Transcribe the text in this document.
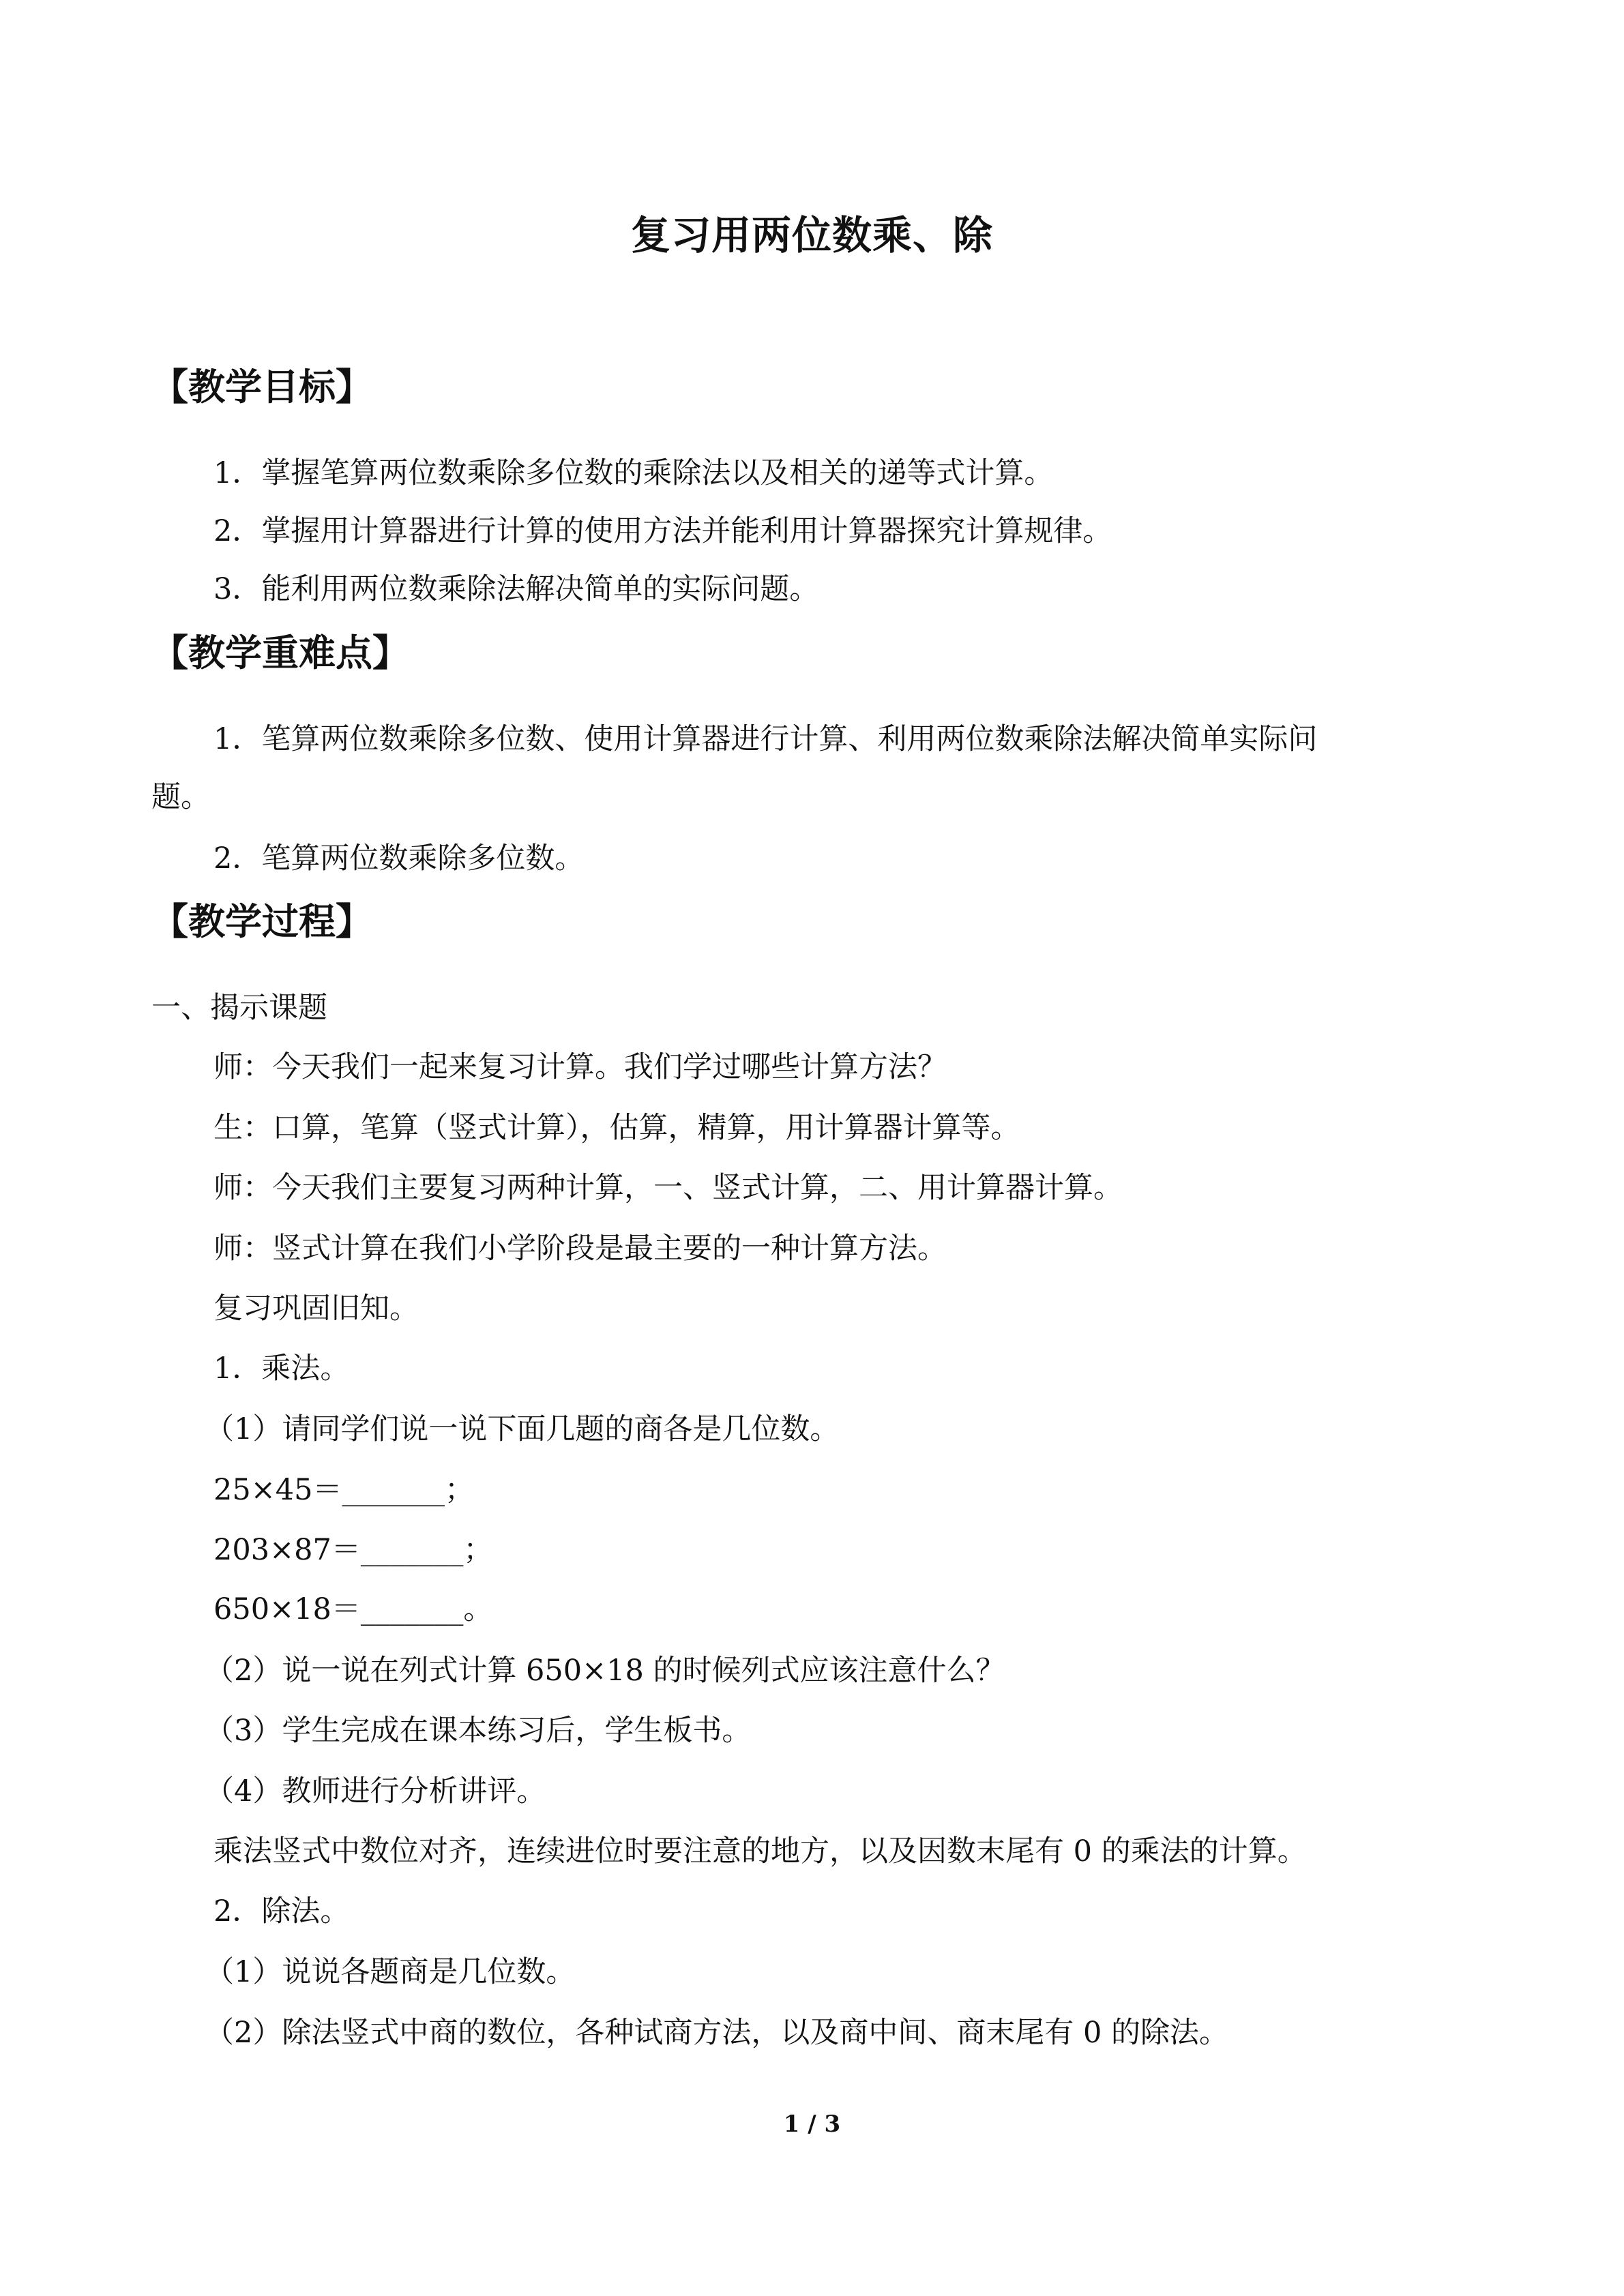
复习用两位数乘、除
【教学目标】
1．掌握笔算两位数乘除多位数的乘除法以及相关的递等式计算。
2．掌握用计算器进行计算的使用方法并能利用计算器探究计算规律。
3．能利用两位数乘除法解决简单的实际问题。
【教学重难点】
1．笔算两位数乘除多位数、使用计算器进行计算、利用两位数乘除法解决简单实际问
题。
2．笔算两位数乘除多位数。
【教学过程】
一、揭示课题
师：今天我们一起来复习计算。我们学过哪些计算方法？
生：口算，笔算（竖式计算），估算，精算，用计算器计算等。
师：今天我们主要复习两种计算，一、竖式计算，二、用计算器计算。
师：竖式计算在我们小学阶段是最主要的一种计算方法。
复习巩固旧知。
1．乘法。
（1）请同学们说一说下面几题的商各是几位数。
25×45＝_______；
203×87＝_______；
650×18＝_______。
（2）说一说在列式计算 650×18 的时候列式应该注意什么？
（3）学生完成在课本练习后，学生板书。
（4）教师进行分析讲评。
乘法竖式中数位对齐，连续进位时要注意的地方，以及因数末尾有 0 的乘法的计算。
2．除法。
（1）说说各题商是几位数。
（2）除法竖式中商的数位，各种试商方法，以及商中间、商末尾有 0 的除法。
1 / 3
